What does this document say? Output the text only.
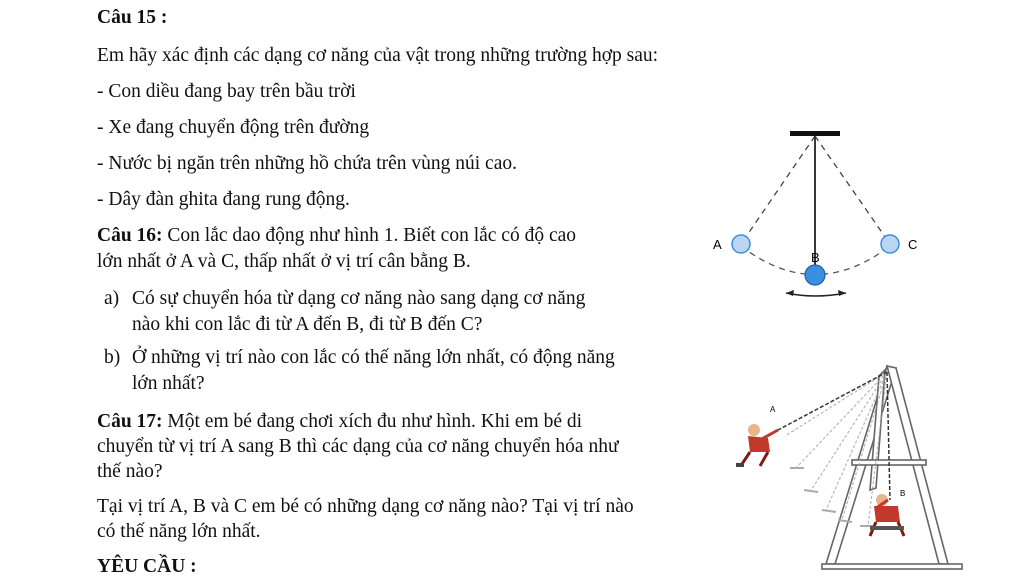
Câu 15 :
Em hãy xác định các dạng cơ năng của vật trong những trường hợp sau:
- Con diều đang bay trên bầu trời
- Xe đang chuyển động trên đường
- Nước bị ngăn trên những hồ chứa trên vùng núi cao.
- Dây đàn ghita đang rung động.
Câu 16: Con lắc dao động như hình 1. Biết con lắc có độ cao
lớn nhất ở A và C, thấp nhất ở vị trí cân bằng B.
a) Có sự chuyển hóa từ dạng cơ năng nào sang dạng cơ năng
nào khi con lắc đi từ A đến B, đi từ B đến C?
b) Ở những vị trí nào con lắc có thế năng lớn nhất, có động năng
lớn nhất?
Câu 17: Một em bé đang chơi xích đu như hình. Khi em bé di
chuyển từ vị trí A sang B thì các dạng của cơ năng chuyển hóa như
thế nào?
Tại vị trí A, B và C em bé có những dạng cơ năng nào? Tại vị trí nào
có thế năng lớn nhất.
YÊU CẦU :
A
B
C
A
B
